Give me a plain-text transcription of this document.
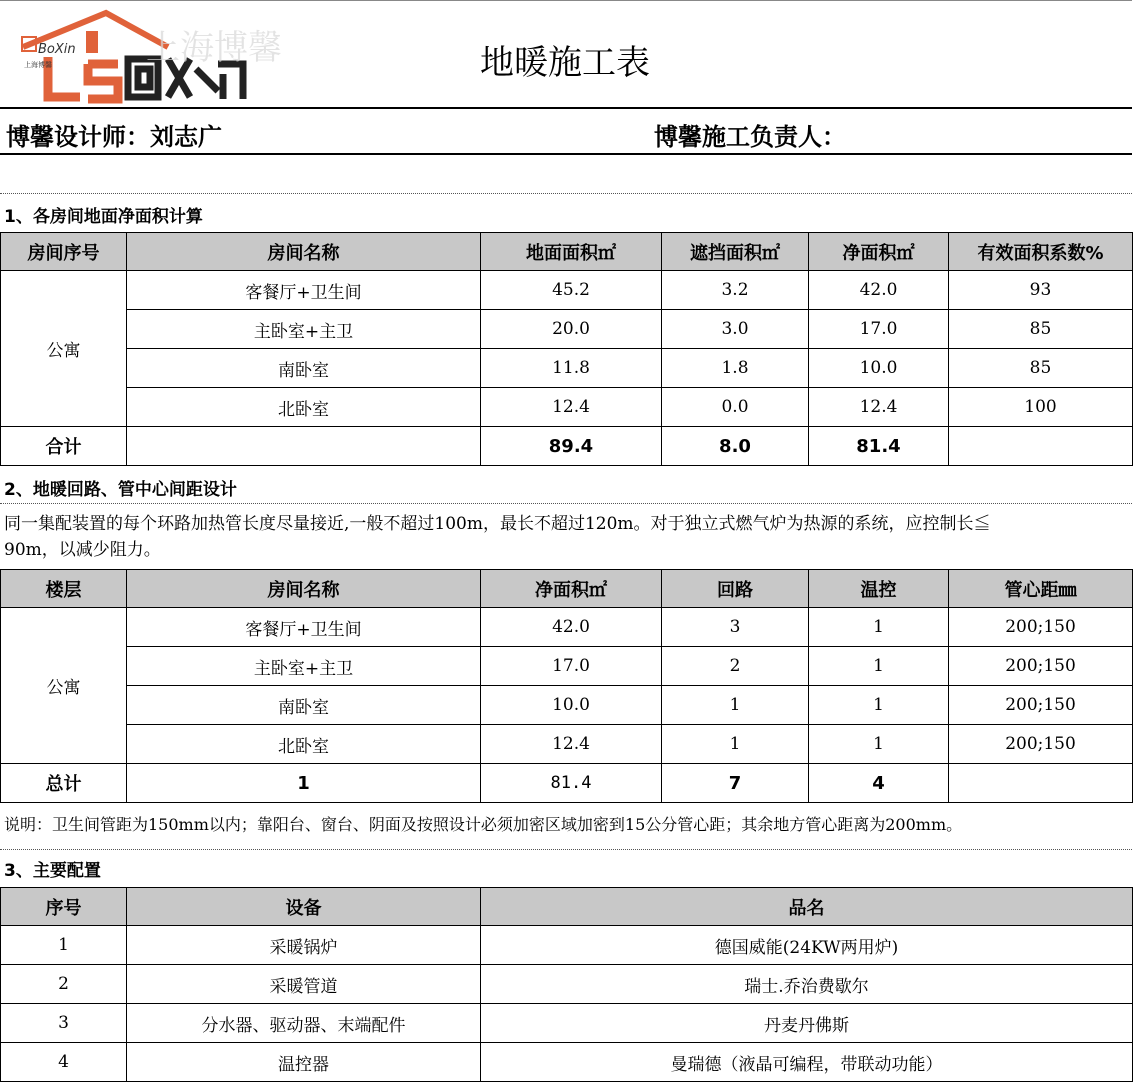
BoXin
上海博馨	上海博馨	地暖施工表
博馨设计师：刘志广	博馨施工负责人：
1、各房间地面净面积计算
房间序号	房间名称	地面面积㎡	遮挡面积㎡	净面积㎡	有效面积系数%
公寓	客餐厅+卫生间	45.2	3.2	42.0	93
	主卧室+主卫	20.0	3.0	17.0	85
	南卧室	11.8	1.8	10.0	85
	北卧室	12.4	0.0	12.4	100
合计		89.4	8.0	81.4	
2、地暖回路、管中心间距设计
同一集配装置的每个环路加热管长度尽量接近,一般不超过100m，最长不超过120m。对于独立式燃气炉为热源的系统，应控制长≦
90m，以减少阻力。
楼层	房间名称	净面积㎡	回路	温控	管心距㎜
公寓	客餐厅+卫生间	42.0	3	1	200;150
	主卧室+主卫	17.0	2	1	200;150
	南卧室	10.0	1	1	200;150
	北卧室	12.4	1	1	200;150
总计	1	81.4	7	4	
说明：卫生间管距为150mm以内；靠阳台、窗台、阴面及按照设计必须加密区域加密到15公分管心距；其余地方管心距离为200mm。
3、主要配置
序号	设备	品名
1	采暖锅炉	德国威能(24KW两用炉)
2	采暖管道	瑞士.乔治费歇尔
3	分水器、驱动器、末端配件	丹麦丹佛斯
4	温控器	曼瑞德（液晶可编程，带联动功能）
